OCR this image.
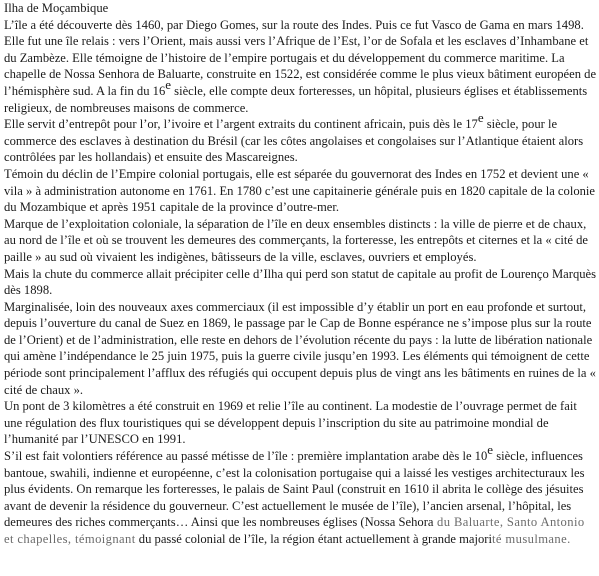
Ilha de Moçambique

L’île a été découverte dès 1460, par Diego Gomes, sur la route des Indes. Puis ce fut Vasco de Gama en mars 1498. Elle fut une île relais : vers l’Orient, mais aussi vers l’Afrique de l’Est, l’or de Sofala et les esclaves d’Inhambane et du Zambèze. Elle témoigne de l’histoire de l’empire portugais et du développement du commerce maritime. La chapelle de Nossa Senhora de Baluarte, construite en 1522, est considérée comme le plus vieux bâtiment européen de l’hémisphère sud. A la fin du 16e siècle, elle compte deux forteresses, un hôpital, plusieurs églises et établissements religieux, de nombreuses maisons de commerce.

Elle servit d’entrepôt pour l’or, l’ivoire et l’argent extraits du continent africain, puis dès le 17e siècle, pour le commerce des esclaves à destination du Brésil (car les côtes angolaises et congolaises sur l’Atlantique étaient alors contrôlées par les hollandais) et ensuite des Mascareignes.

Témoin du déclin de l’Empire colonial portugais, elle est séparée du gouvernorat des Indes en 1752 et devient une « vila » à administration autonome en 1761. En 1780 c’est une capitainerie générale puis en 1820 capitale de la colonie du Mozambique et après 1951 capitale de la province d’outre-mer.

Marque de l’exploitation coloniale, la séparation de l’île en deux ensembles distincts : la ville de pierre et de chaux, au nord de l’île et où se trouvent les demeures des commerçants, la forteresse, les entrepôts et citernes et la « cité de paille » au sud où vivaient les indigènes, bâtisseurs de la ville, esclaves, ouvriers et employés.

Mais la chute du commerce allait précipiter celle d’Ilha qui perd son statut de capitale au profit de Lourenço Marquès dès 1898.

Marginalisée, loin des nouveaux axes commerciaux (il est impossible d’y établir un port en eau profonde et surtout, depuis l’ouverture du canal de Suez en 1869, le passage par le Cap de Bonne espérance ne s’impose plus sur la route de l’Orient) et de l’administration, elle reste en dehors de l’évolution récente du pays : la lutte de libération nationale qui amène l’indépendance le 25 juin 1975, puis la guerre civile jusqu’en 1993. Les éléments qui témoignent de cette période sont principalement l’afflux des réfugiés qui occupent depuis plus de vingt ans les bâtiments en ruines de la « cité de chaux ».

Un pont de 3 kilomètres a été construit en 1969 et relie l’île au continent. La modestie de l’ouvrage permet de fait une régulation des flux touristiques qui se développent depuis l’inscription du site au patrimoine mondial de l’humanité par l’UNESCO en 1991.

S’il est fait volontiers référence au passé métisse de l’île : première implantation arabe dès le 10e siècle, influences bantoue, swahili, indienne et européenne, c’est la colonisation portugaise qui a laissé les vestiges architecturaux les plus évidents. On remarque les forteresses, le palais de Saint Paul (construit en 1610 il abrita le collège des jésuites avant de devenir la résidence du gouverneur. C’est actuellement le musée de l’île), l’ancien arsenal, l’hôpital, les demeures des riches commerçants… Ainsi que les nombreuses églises (Nossa Sehora du Baluarte, Santo Antonio et chapelles, témoignant du passé colonial de l’île, la région étant actuellement à grande majorité musulmane.
